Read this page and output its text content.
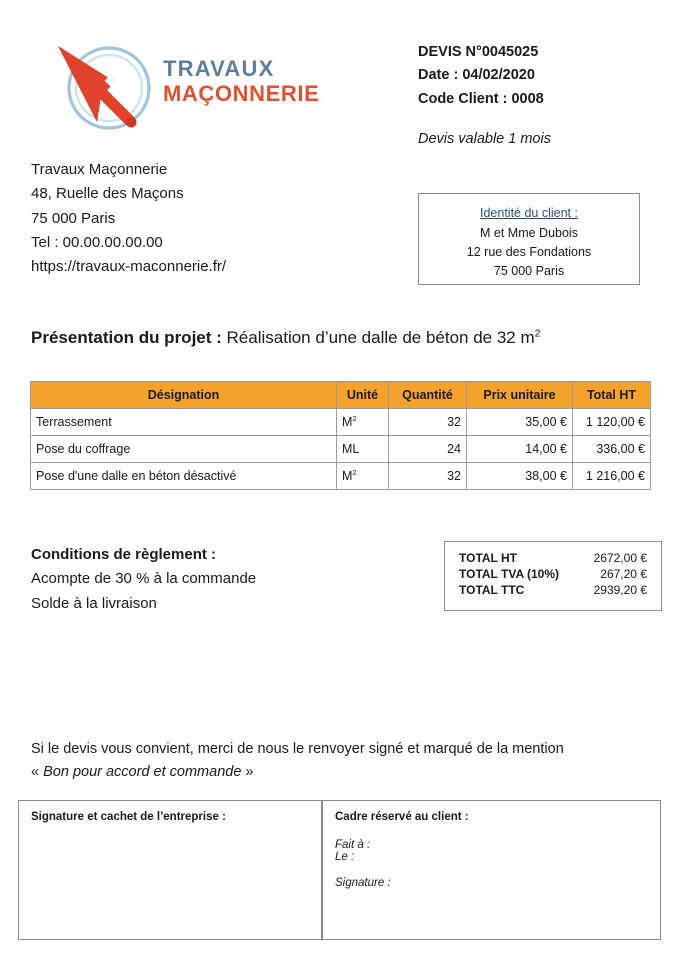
TRAVAUX
MAÇONNERIE
DEVIS N°0045025
Date : 04/02/2020
Code Client : 0008
Devis valable 1 mois
Travaux Maçonnerie
48, Ruelle des Maçons
75 000 Paris
Tel : 00.00.00.00.00
https://travaux-maconnerie.fr/
Identité du client :
M et Mme Dubois
12 rue des Fondations
75 000 Paris
Présentation du projet : Réalisation d’une dalle de béton de 32 $m^2$
Désignation	Unité	Quantité	Prix unitaire	Total HT
Terrassement	$M^2$	32	35,00 €	1 120,00 €
Pose du coffrage	ML	24	14,00 €	336,00 €
Pose d'une dalle en béton désactivé	$M^2$	32	38,00 €	1 216,00 €
Conditions de règlement :
Acompte de 30 % à la commande
Solde à la livraison
TOTAL HT	2672,00 €
TOTAL TVA (10%)	267,20 €
TOTAL TTC	2939,20 €
Si le devis vous convient, merci de nous le renvoyer signé et marqué de la mention
« Bon pour accord et commande »
Signature et cachet de l’entreprise :	Cadre réservé au client :
Fait à :
Le :
Signature :
